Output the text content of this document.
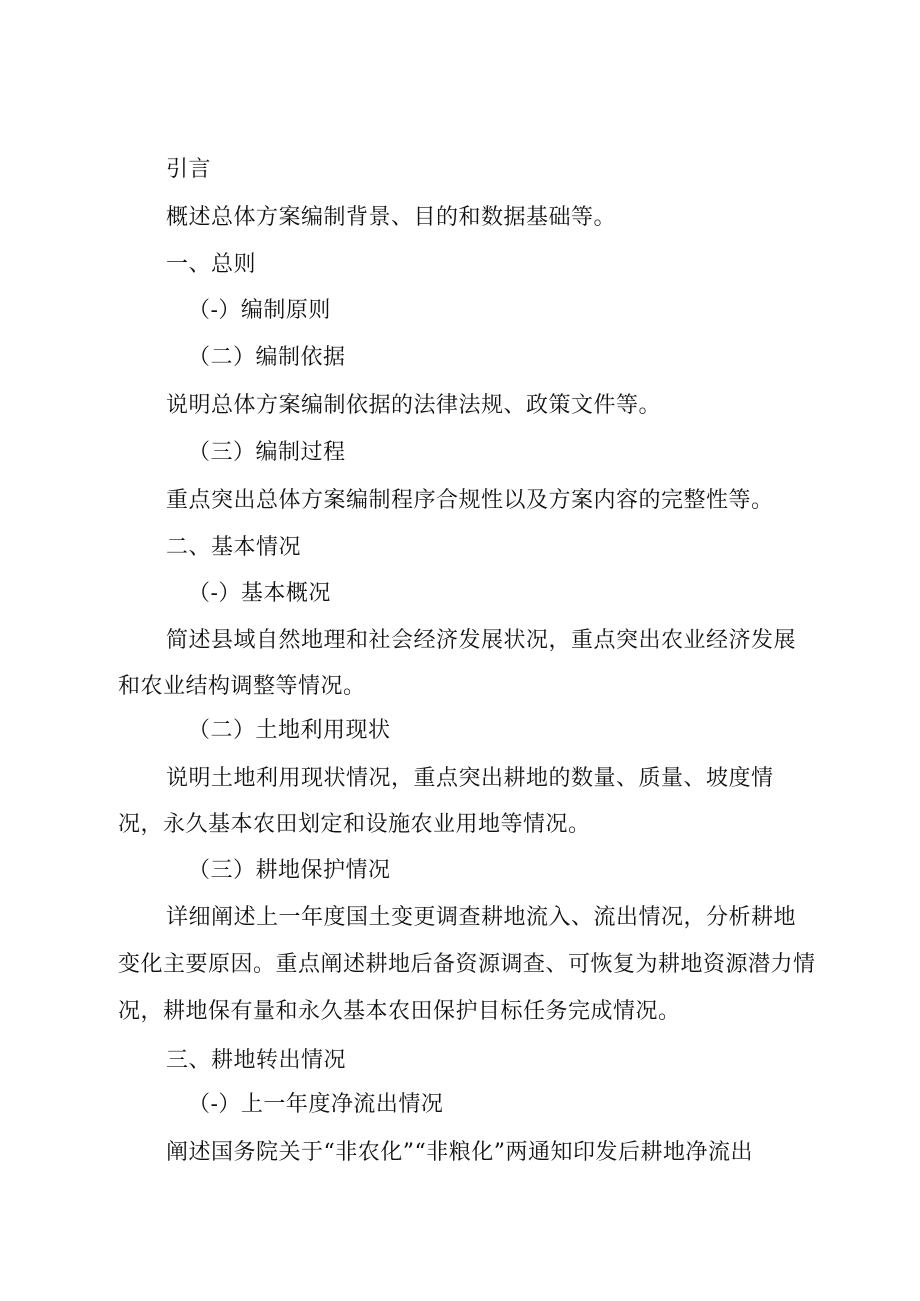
引言
概述总体方案编制背景、目的和数据基础等。
一、总则
（-）编制原则
（二）编制依据
说明总体方案编制依据的法律法规、政策文件等。
（三）编制过程
重点突出总体方案编制程序合规性以及方案内容的完整性等。
二、基本情况
（-）基本概况
简述县域自然地理和社会经济发展状况，重点突出农业经济发展和农业结构调整等情况。
（二）土地利用现状
说明土地利用现状情况，重点突出耕地的数量、质量、坡度情况，永久基本农田划定和设施农业用地等情况。
（三）耕地保护情况
详细阐述上一年度国土变更调查耕地流入、流出情况，分析耕地变化主要原因。重点阐述耕地后备资源调查、可恢复为耕地资源潜力情况，耕地保有量和永久基本农田保护目标任务完成情况。
三、耕地转出情况
（-）上一年度净流出情况
阐述国务院关于“非农化”“非粮化”两通知印发后耕地净流出
